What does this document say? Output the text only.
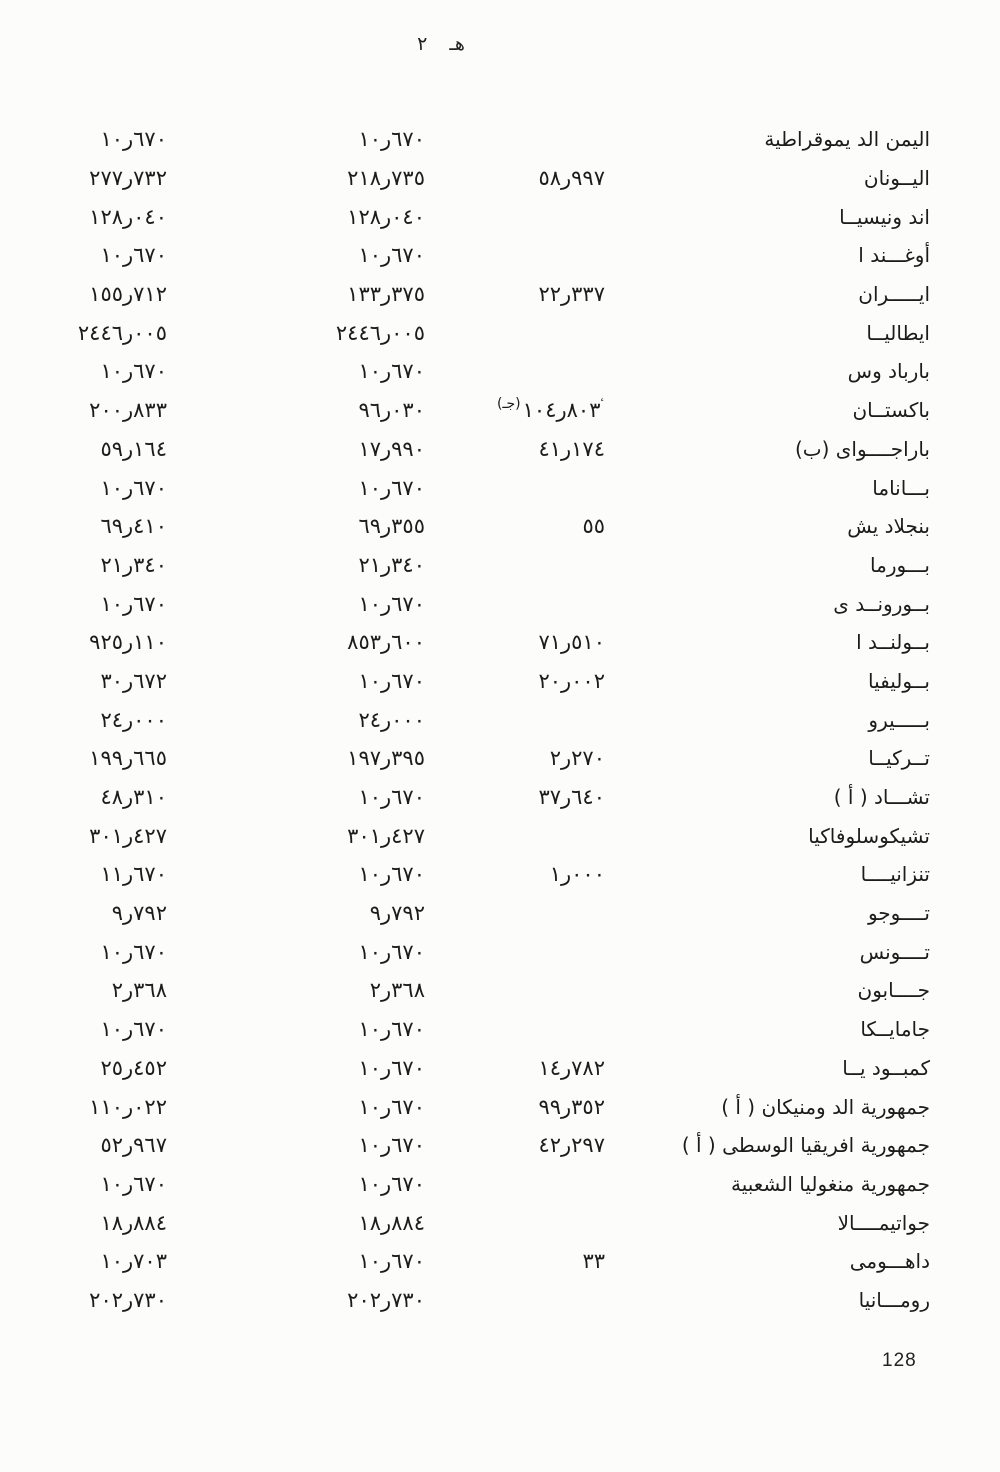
هـ ٢
اليمن الد يموقراطية
١٠ر٦٧٠
١٠ر٦٧٠
اليــونان
٥٨ر٩٩٧
٢١٨ر٧٣٥
٢٧٧ر٧٣٢
اند ونيسيــا
١٢٨ر٠٤٠
١٢٨ر٠٤٠
أوغـــند ا
١٠ر٦٧٠
١٠ر٦٧٠
ايـــــران
٢٢ر٣٣٧
١٣٣ر٣٧٥
١٥٥ر٧١٢
ايطاليــا
٢٤٤٦ر٠٠٥
٢٤٤٦ر٠٠٥
بارباد وس
١٠ر٦٧٠
١٠ر٦٧٠
باكستــان
$^{(جـ)}$	$^ٴ$١٠٤ر٨٠٣
٩٦ر٠٣٠
٢٠٠ر٨٣٣
باراجــــواى (ب)
٤١ر١٧٤
١٧ر٩٩٠
٥٩ر١٦٤
بـــاناما
١٠ر٦٧٠
١٠ر٦٧٠
بنجلاد يش
٥٥
٦٩ر٣٥٥
٦٩ر٤١٠
بـــورما
٢١ر٣٤٠
٢١ر٣٤٠
بــورونــد ى
١٠ر٦٧٠
١٠ر٦٧٠
بــولنــد ا
٧١ر٥١٠
٨٥٣ر٦٠٠
٩٢٥ر١١٠
بــوليفيا
٢٠ر٠٠٢
١٠ر٦٧٠
٣٠ر٦٧٢
بـــــيرو
٢٤ر٠٠٠
٢٤ر٠٠٠
تــركيــا
٢ر٢٧٠
١٩٧ر٣٩٥
١٩٩ر٦٦٥
تشـــاد ( أ )
٣٧ر٦٤٠
١٠ر٦٧٠
٤٨ر٣١٠
تشيكوسلوفاكيا
٣٠١ر٤٢٧
٣٠١ر٤٢٧
تنزانيــــا
١ر٠٠٠
١٠ر٦٧٠
١١ر٦٧٠
تــــوجو
٩ر٧٩٢
٩ر٧٩٢
تــــونس
١٠ر٦٧٠
١٠ر٦٧٠
جــــابون
٢ر٣٦٨
٢ر٣٦٨
جامايــكا
١٠ر٦٧٠
١٠ر٦٧٠
كمبــود يــا
١٤ر٧٨٢
١٠ر٦٧٠
٢٥ر٤٥٢
جمهورية الد ومنيكان ( أ )
٩٩ر٣٥٢
١٠ر٦٧٠
١١٠ر٠٢٢
جمهورية افريقيا الوسطى ( أ )
٤٢ر٢٩٧
١٠ر٦٧٠
٥٢ر٩٦٧
جمهورية منغوليا الشعبية
١٠ر٦٧٠
١٠ر٦٧٠
جواتيمــــالا
١٨ر٨٨٤
١٨ر٨٨٤
داهـــومى
٣٣
١٠ر٦٧٠
١٠ر٧٠٣
رومـــانيا
٢٠٢ر٧٣٠
٢٠٢ر٧٣٠
128
